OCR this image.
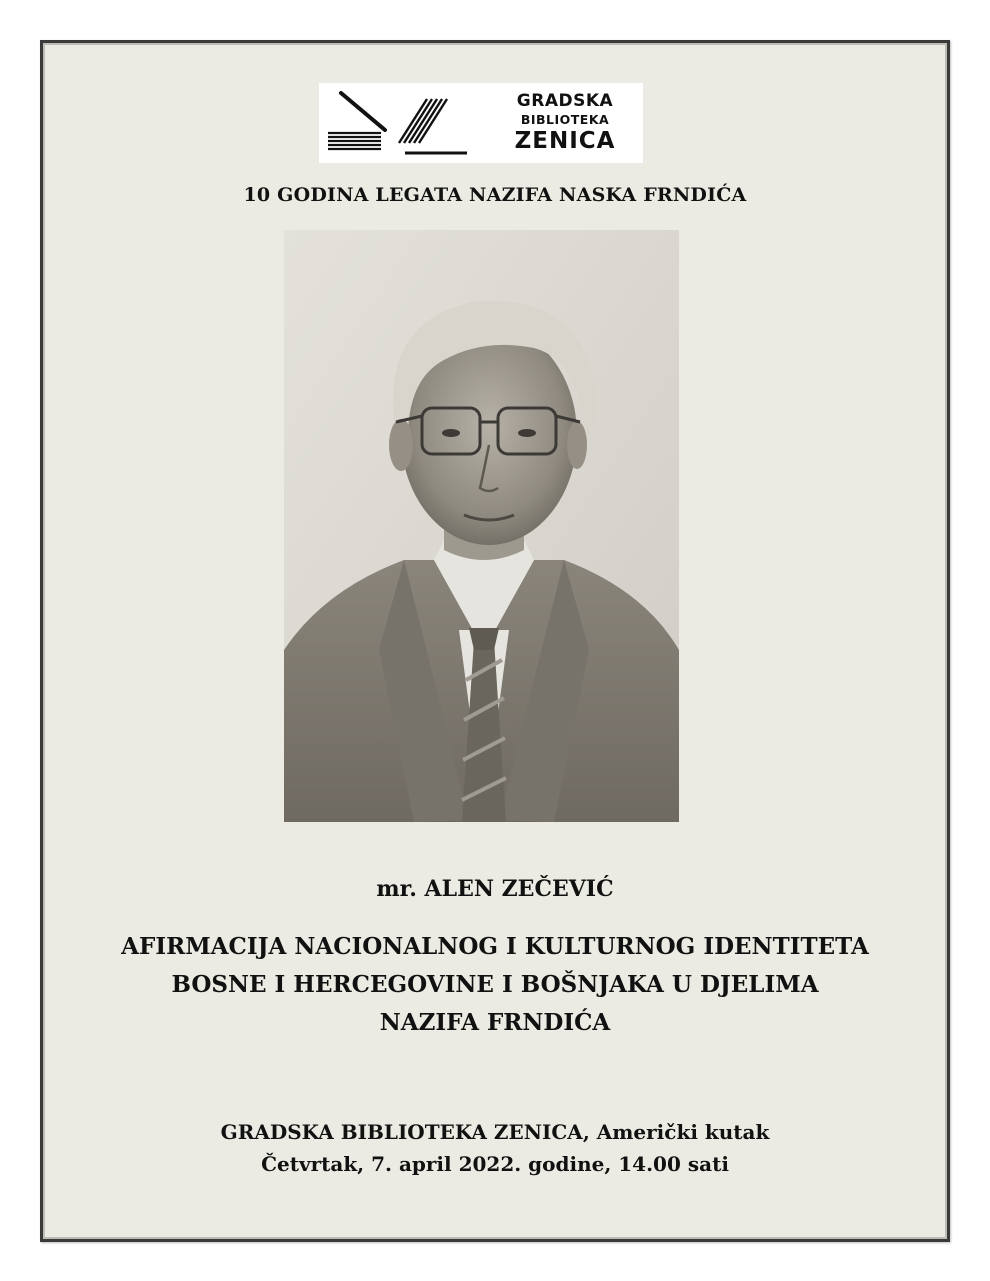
GRADSKA
BIBLIOTEKA
ZENICA
10 GODINA LEGATA NAZIFA NASKA FRNDIĆA
mr. ALEN ZEČEVIĆ
AFIRMACIJA NACIONALNOG I KULTURNOG IDENTITETA
BOSNE I HERCEGOVINE I BOŠNJAKA U DJELIMA
NAZIFA FRNDIĆA
GRADSKA BIBLIOTEKA ZENICA, Američki kutak
Četvrtak, 7. april 2022. godine, 14.00 sati
